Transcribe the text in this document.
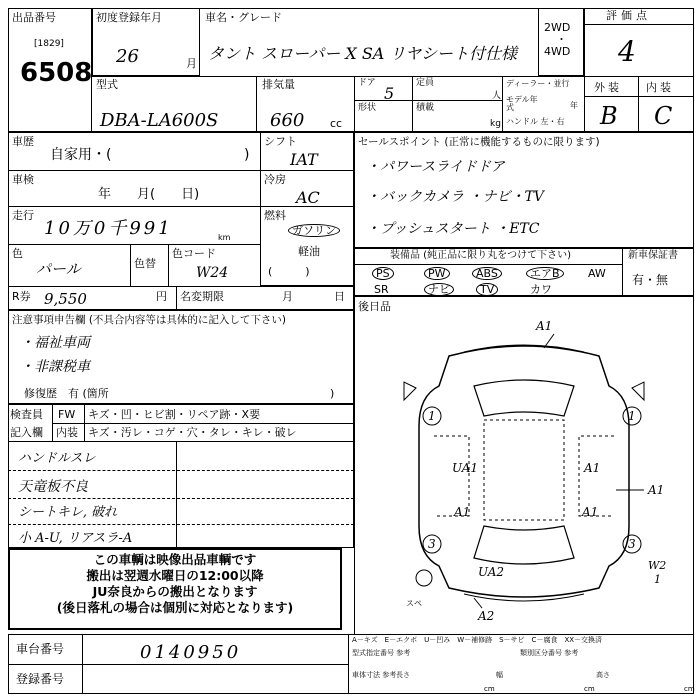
出品番号
[1829]
6508
初度登録年月
26	月
車名・グレード
タント スローパー X SA リヤシート付仕様
2WD
・
4WD
評価点
4
型式
DBA-LA600S
排気量
660 cc
ドア
5
形状
定員
人
積載
kg
ディーラー・並行
モデル年式	年
ハンドル 左・右
外装 内装
B C
車歴
自家用・(	)
車検
年　　月(　　日)
走行
10万0千991	km
色
パール	色替
色コード
W24
シフト
IAT
冷房
AC
燃料
ガソリン
軽油
(　　　)
R券 9,550	円 名変期限	月	日
注意事項申告欄 (不具合内容等は具体的に記入して下さい)
・福祉車両
・非課税車
修復歴　有 (箇所	)
検査員
記入欄
FW キズ・凹・ヒビ割・リペア跡・X要
内装 キズ・汚レ・コゲ・穴・タレ・キレ・破レ
ハンドルスレ
天竜板不良
シートキレ, 破れ
小 A-U, リアスラ-A
この車輌は映像出品車輌です
搬出は翌週水曜日の12:00以降
JU奈良からの搬出となります
(後日落札の場合は個別に対応となります)
車台番号	0140950
登録番号
A－キズ　E－エクボ　U－凹み　W－補修跡　S－サビ　C－腐食　XX－交換済
型式指定番号 参考	類別区分番号 参考
車体寸法 参考 長さ	幅	高さ
cm	cm	cm
セールスポイント (正常に機能するものに限ります)
・パワースライドドア
・バックカメラ ・ナビ・TV
・プッシュスタート ・ETC
装備品 (純正品に限り丸をつけて下さい)	新車保証書
有・無
PS	PW	ABS	エアB	AW
SR	ナビ	TV	カワ
後日品
A1
A1
UA1
A1
A1	A1
1	1
3	3
UA2
A2
スペ
W2
1
